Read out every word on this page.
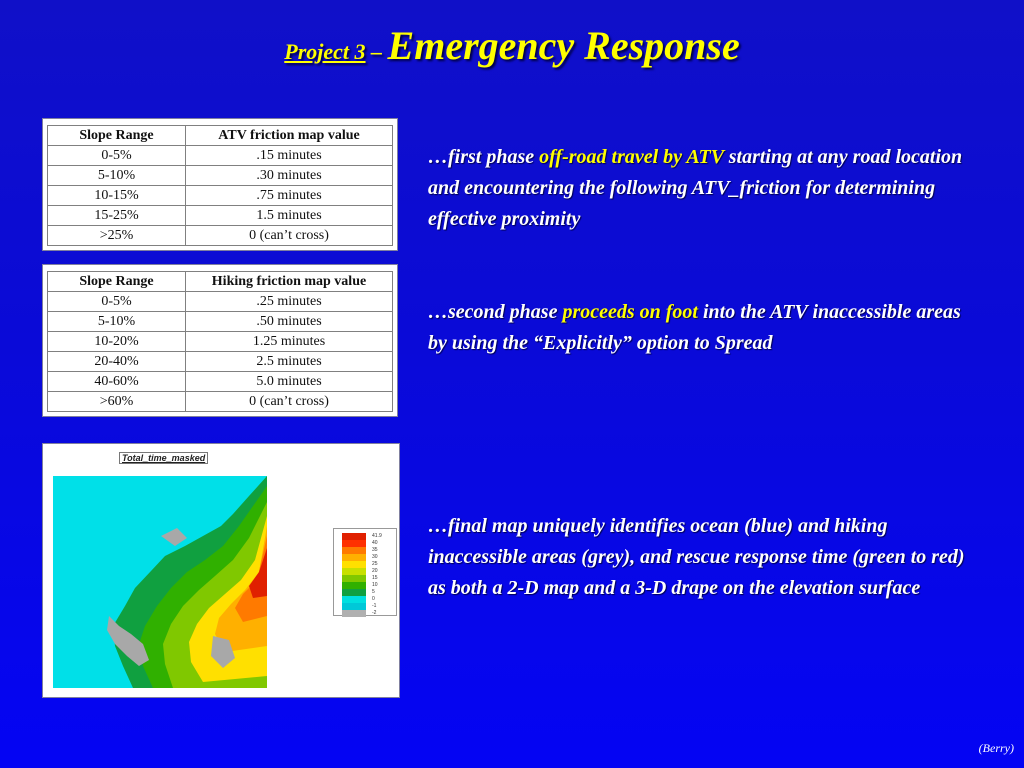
Project 3 – Emergency Response
Slope Range	ATV friction map value
0-5%	.15 minutes
5-10%	.30 minutes
10-15%	.75 minutes
15-25%	1.5 minutes
>25%	0 (can’t cross)
Slope Range	Hiking friction map value
0-5%	.25 minutes
5-10%	.50 minutes
10-20%	1.25 minutes
20-40%	2.5 minutes
40-60%	5.0 minutes
>60%	0 (can’t cross)
Total_time_masked
41.9
40
35
30
25
20
15
10
5
0
-1
-2
…first phase off-road travel by ATV starting at any road location and encountering the following ATV_friction for determining effective proximity
…second phase proceeds on foot into the ATV inaccessible areas by using the “Explicitly” option to Spread
…final map uniquely identifies ocean (blue) and hiking inaccessible areas (grey), and rescue response time (green to red) as both a 2-D map and a 3-D drape on the elevation surface
(Berry)
